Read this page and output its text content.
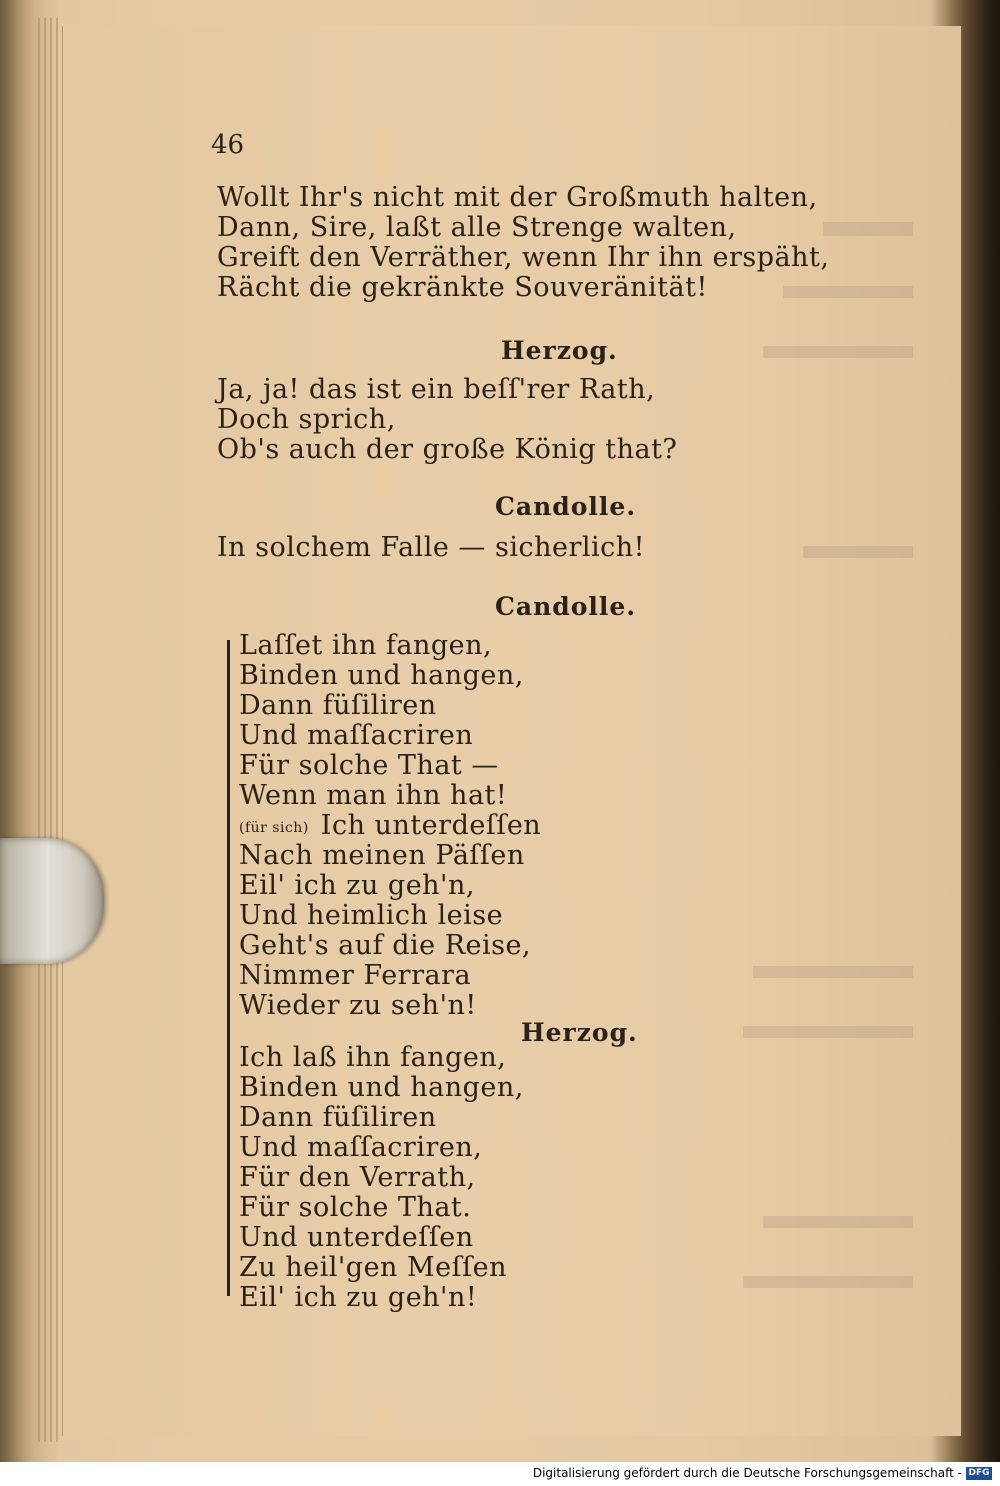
46
Wollt Ihr's nicht mit der Großmuth halten,
Dann, Sire, laßt alle Strenge walten,
Greift den Verräther, wenn Ihr ihn erspäht,
Rächt die gekränkte Souveränität!
Herzog.
Ja, ja! das ist ein beſſ'rer Rath,
Doch sprich,
Ob's auch der große König that?
Candolle.
In solchem Falle — sicherlich!
Candolle.
Laſſet ihn fangen,
Binden und hangen,
Dann füſiliren
Und maſſacriren
Für solche That —
Wenn man ihn hat!
(für sich) Ich unterdeſſen
Nach meinen Päſſen
Eil' ich zu geh'n,
Und heimlich leise
Geht's auf die Reise,
Nimmer Ferrara
Wieder zu seh'n!
Herzog.
Ich laß ihn fangen,
Binden und hangen,
Dann füſiliren
Und maſſacriren,
Für den Verrath,
Für solche That.
Und unterdeſſen
Zu heil'gen Meſſen
Eil' ich zu geh'n!
Digitalisierung gefördert durch die Deutsche Forschungsgemeinschaft - DFG
